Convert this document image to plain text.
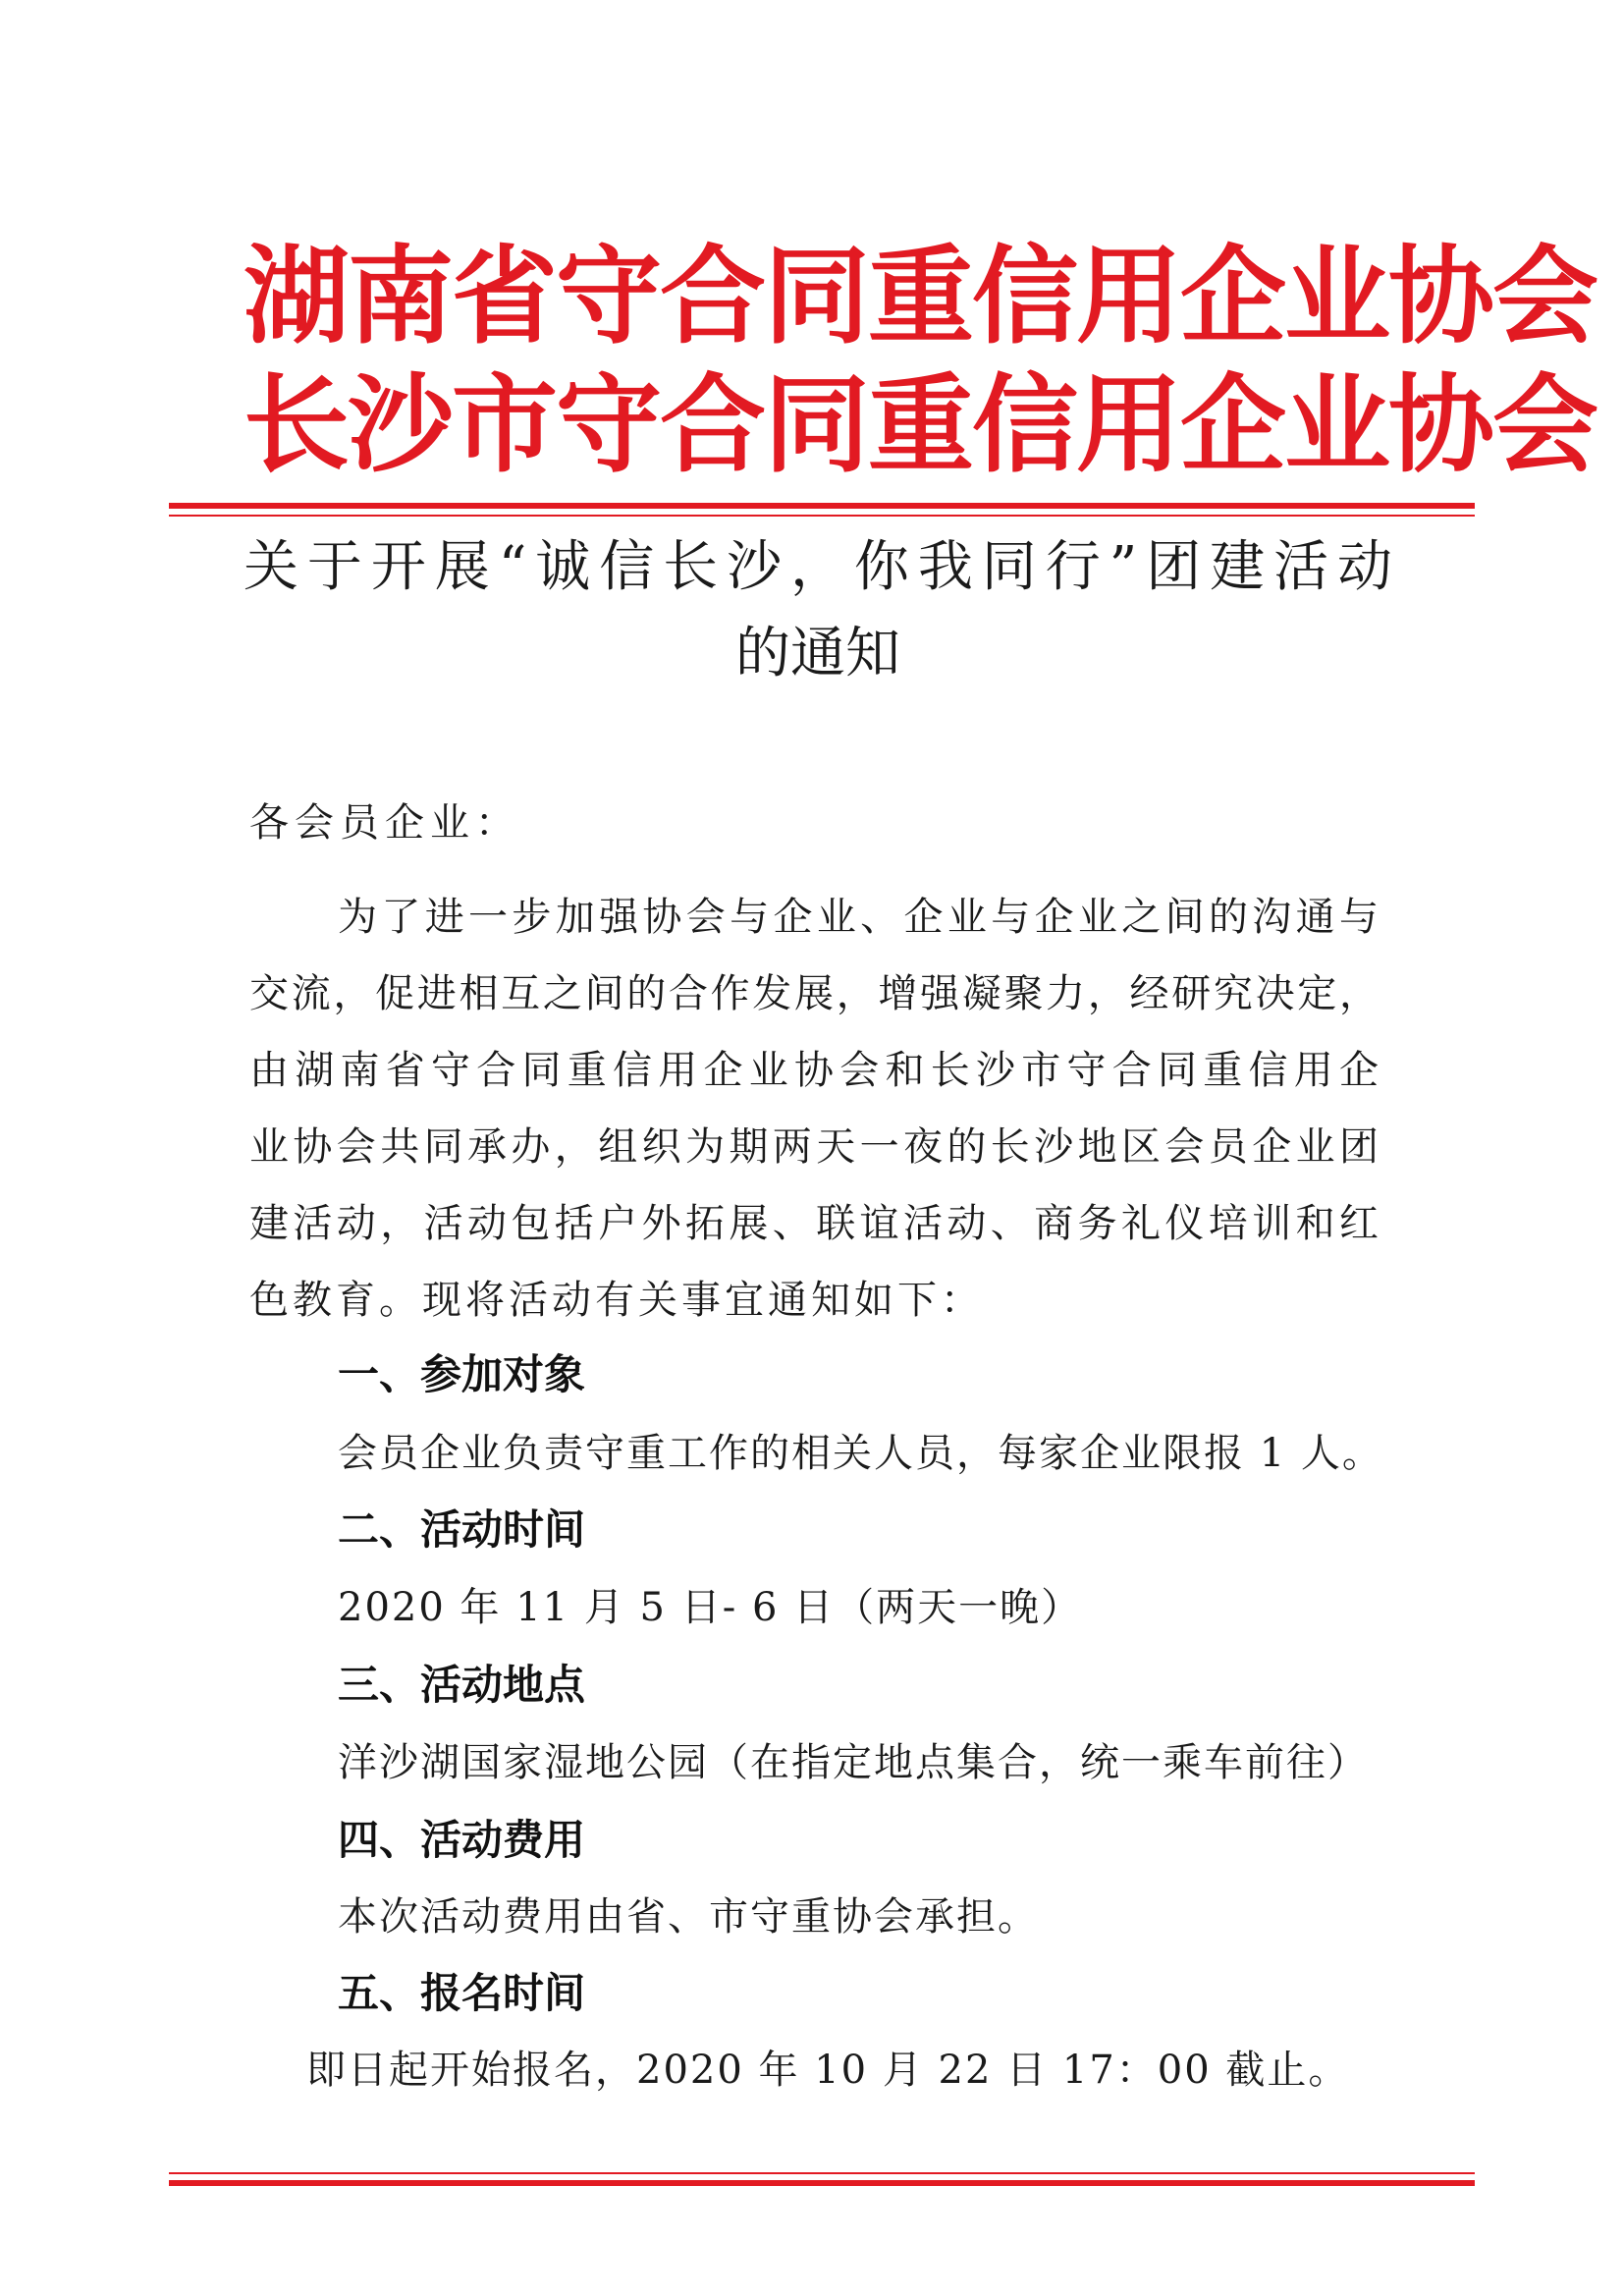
湖南省守合同重信用企业协会
长沙市守合同重信用企业协会
关于开展“诚信长沙，你我同行”团建活动
的通知
各会员企业：
为了进一步加强协会与企业、企业与企业之间的沟通与
交流，促进相互之间的合作发展，增强凝聚力，经研究决定，
由湖南省守合同重信用企业协会和长沙市守合同重信用企
业协会共同承办，组织为期两天一夜的长沙地区会员企业团
建活动，活动包括户外拓展、联谊活动、商务礼仪培训和红
色教育。现将活动有关事宜通知如下：
一、参加对象
会员企业负责守重工作的相关人员，每家企业限报 1 人。
二、活动时间
2020 年 11 月 5 日- 6 日（两天一晚）
三、活动地点
洋沙湖国家湿地公园（在指定地点集合，统一乘车前往）
四、活动费用
本次活动费用由省、市守重协会承担。
五、报名时间
即日起开始报名，2020 年 10 月 22 日 17：00 截止。
